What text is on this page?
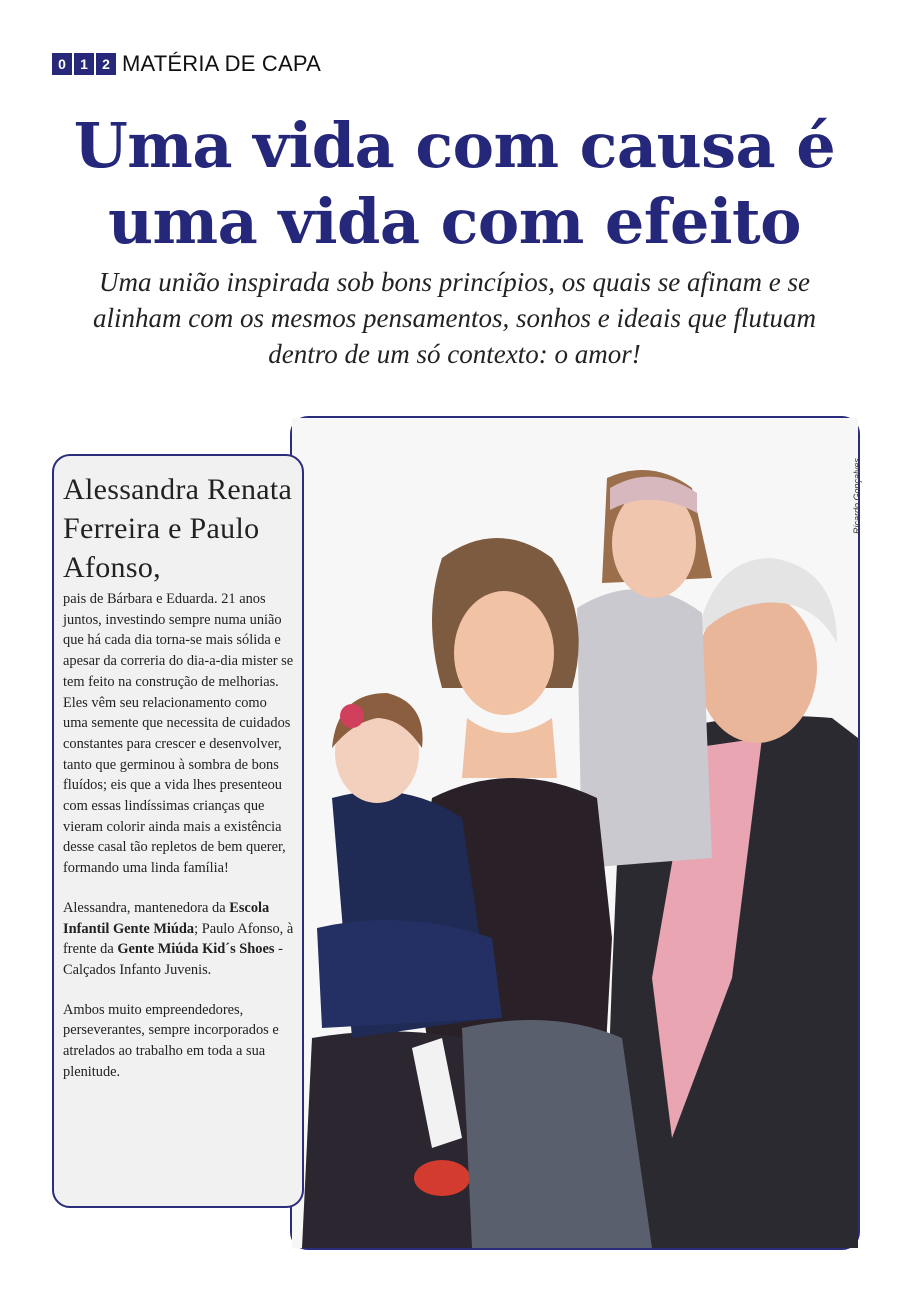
0	1	2 MATÉRIA DE CAPA
Uma vida com causa é
uma vida com efeito
Uma união inspirada sob bons princípios, os quais se afinam e se
alinham com os mesmos pensamentos, sonhos e ideais que flutuam
dentro de um só contexto: o amor!
Ricardo Gonçalves
Alessandra Renata Ferreira e Paulo Afonso,

pais de Bárbara e Eduarda. 21 anos juntos, investindo sempre numa união que há cada dia torna-se mais sólida e apesar da correria do dia-a-dia mister se tem feito na construção de melhorias. Eles vêm seu relacionamento como uma semente que necessita de cuidados constantes para crescer e desenvolver, tanto que germinou à sombra de bons fluídos; eis que a vida lhes presenteou com essas lindíssimas crianças que vieram colorir ainda mais a existência desse casal tão repletos de bem querer, formando uma linda família!

Alessandra, mantenedora da Escola Infantil Gente Miúda; Paulo Afonso, à frente da Gente Miúda Kid´s Shoes - Calçados Infanto Juvenis.

Ambos muito empreendedores, perseverantes, sempre incorporados e atrelados ao trabalho em toda a sua plenitude.
